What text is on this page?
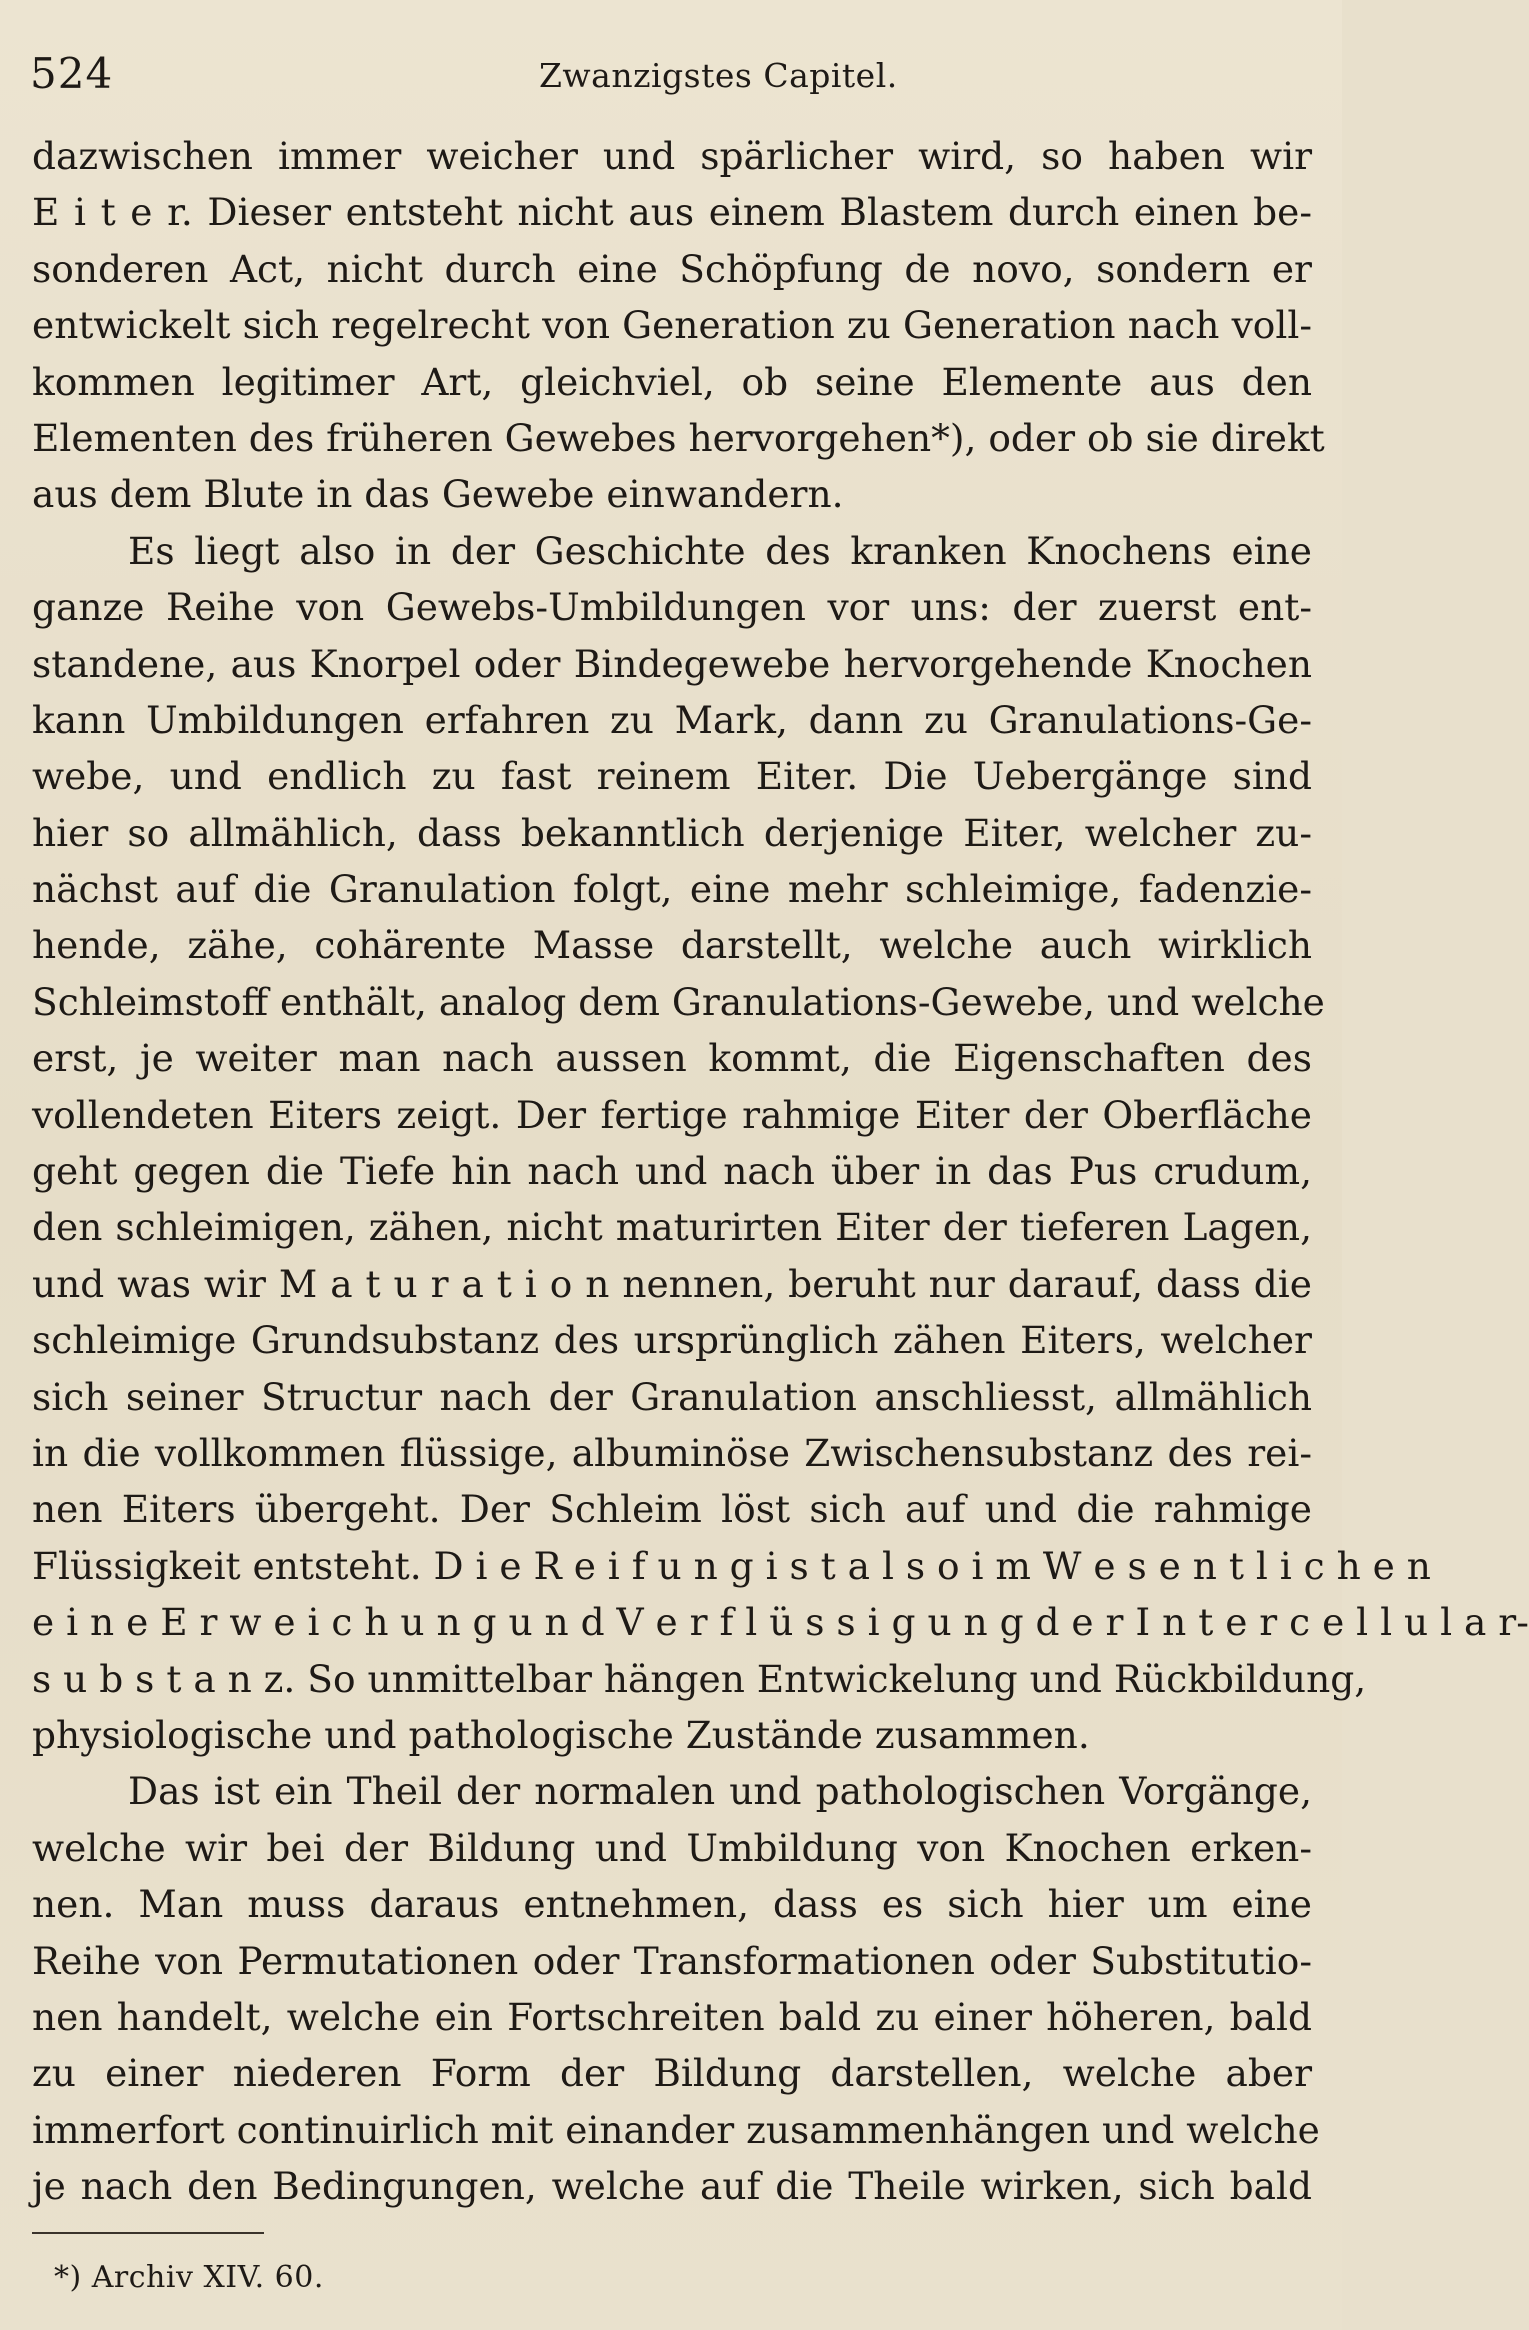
524	Zwanzigstes Capitel.
dazwischen immer weicher und spärlicher wird, so haben wir
E i t e r. Dieser entsteht nicht aus einem Blastem durch einen be-
sonderen Act, nicht durch eine Schöpfung de novo, sondern er
entwickelt sich regelrecht von Generation zu Generation nach voll-
kommen legitimer Art, gleichviel, ob seine Elemente aus den
Elementen des früheren Gewebes hervorgehen*), oder ob sie direkt
aus dem Blute in das Gewebe einwandern.
Es liegt also in der Geschichte des kranken Knochens eine
ganze Reihe von Gewebs-Umbildungen vor uns: der zuerst ent-
standene, aus Knorpel oder Bindegewebe hervorgehende Knochen
kann Umbildungen erfahren zu Mark, dann zu Granulations-Ge-
webe, und endlich zu fast reinem Eiter. Die Uebergänge sind
hier so allmählich, dass bekanntlich derjenige Eiter, welcher zu-
nächst auf die Granulation folgt, eine mehr schleimige, fadenzie-
hende, zähe, cohärente Masse darstellt, welche auch wirklich
Schleimstoff enthält, analog dem Granulations-Gewebe, und welche
erst, je weiter man nach aussen kommt, die Eigenschaften des
vollendeten Eiters zeigt. Der fertige rahmige Eiter der Oberfläche
geht gegen die Tiefe hin nach und nach über in das Pus crudum,
den schleimigen, zähen, nicht maturirten Eiter der tieferen Lagen,
und was wir M a t u r a t i o n nennen, beruht nur darauf, dass die
schleimige Grundsubstanz des ursprünglich zähen Eiters, welcher
sich seiner Structur nach der Granulation anschliesst, allmählich
in die vollkommen flüssige, albuminöse Zwischensubstanz des rei-
nen Eiters übergeht. Der Schleim löst sich auf und die rahmige
Flüssigkeit entsteht. D i e R e i f u n g i s t a l s o i m W e s e n t l i c h e n
e i n e E r w e i c h u n g u n d V e r f l ü s s i g u n g d e r I n t e r c e l l u l a r-
s u b s t a n z. So unmittelbar hängen Entwickelung und Rückbildung,
physiologische und pathologische Zustände zusammen.
Das ist ein Theil der normalen und pathologischen Vorgänge,
welche wir bei der Bildung und Umbildung von Knochen erken-
nen. Man muss daraus entnehmen, dass es sich hier um eine
Reihe von Permutationen oder Transformationen oder Substitutio-
nen handelt, welche ein Fortschreiten bald zu einer höheren, bald
zu einer niederen Form der Bildung darstellen, welche aber
immerfort continuirlich mit einander zusammenhängen und welche
je nach den Bedingungen, welche auf die Theile wirken, sich bald
*) Archiv XIV. 60.
